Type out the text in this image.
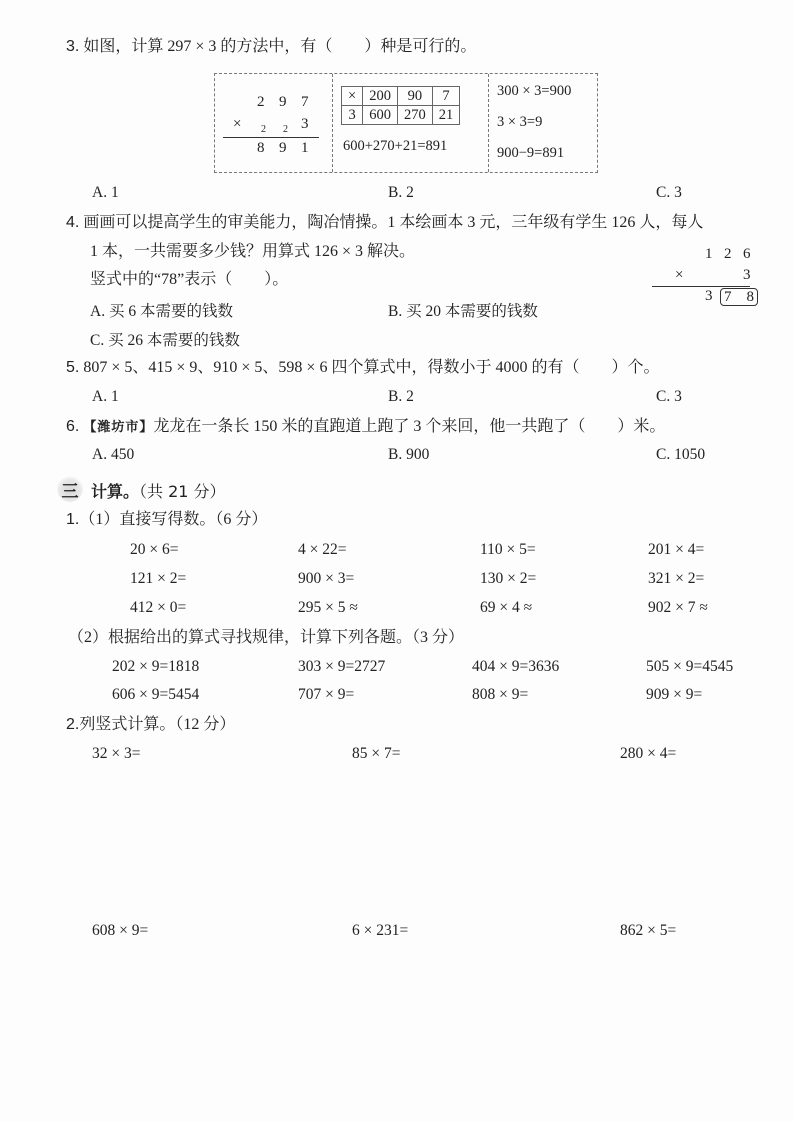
3. 如图，计算 297 × 3 的方法中，有（　　）种是可行的。
2 9 7
× 2 2 3
8 9 1
×	200	90	7
3	600	270	21
600+270+21=891
300 × 3=900
3 × 3=9
900−9=891
A. 1	B. 2	C. 3
4. 画画可以提高学生的审美能力，陶冶情操。1 本绘画本 3 元，三年级有学生 126 人，每人
1 本，一共需要多少钱？用算式 126 × 3 解决。
竖式中的“78”表示（　　）。
1 2 6
×	3
3 7　8
A. 买 6 本需要的钱数	B. 买 20 本需要的钱数
C. 买 26 本需要的钱数
5. 807 × 5、415 × 9、910 × 5、598 × 6 四个算式中，得数小于 4000 的有（　　）个。
A. 1	B. 2	C. 3
6. 【潍坊市】龙龙在一条长 150 米的直跑道上跑了 3 个来回，他一共跑了（　　）米。
A. 450	B. 900	C. 1050
三 计算。（共 21 分）
1.（1）直接写得数。（6 分）
20 × 6=	4 × 22=	110 × 5=	201 × 4=
121 × 2=	900 × 3=	130 × 2=	321 × 2=
412 × 0=	295 × 5 ≈	69 × 4 ≈	902 × 7 ≈
（2）根据给出的算式寻找规律，计算下列各题。（3 分）
202 × 9=1818	303 × 9=2727	404 × 9=3636	505 × 9=4545
606 × 9=5454	707 × 9=	808 × 9=	909 × 9=
2.列竖式计算。（12 分）
32 × 3=	85 × 7=	280 × 4=
608 × 9=	6 × 231=	862 × 5=
